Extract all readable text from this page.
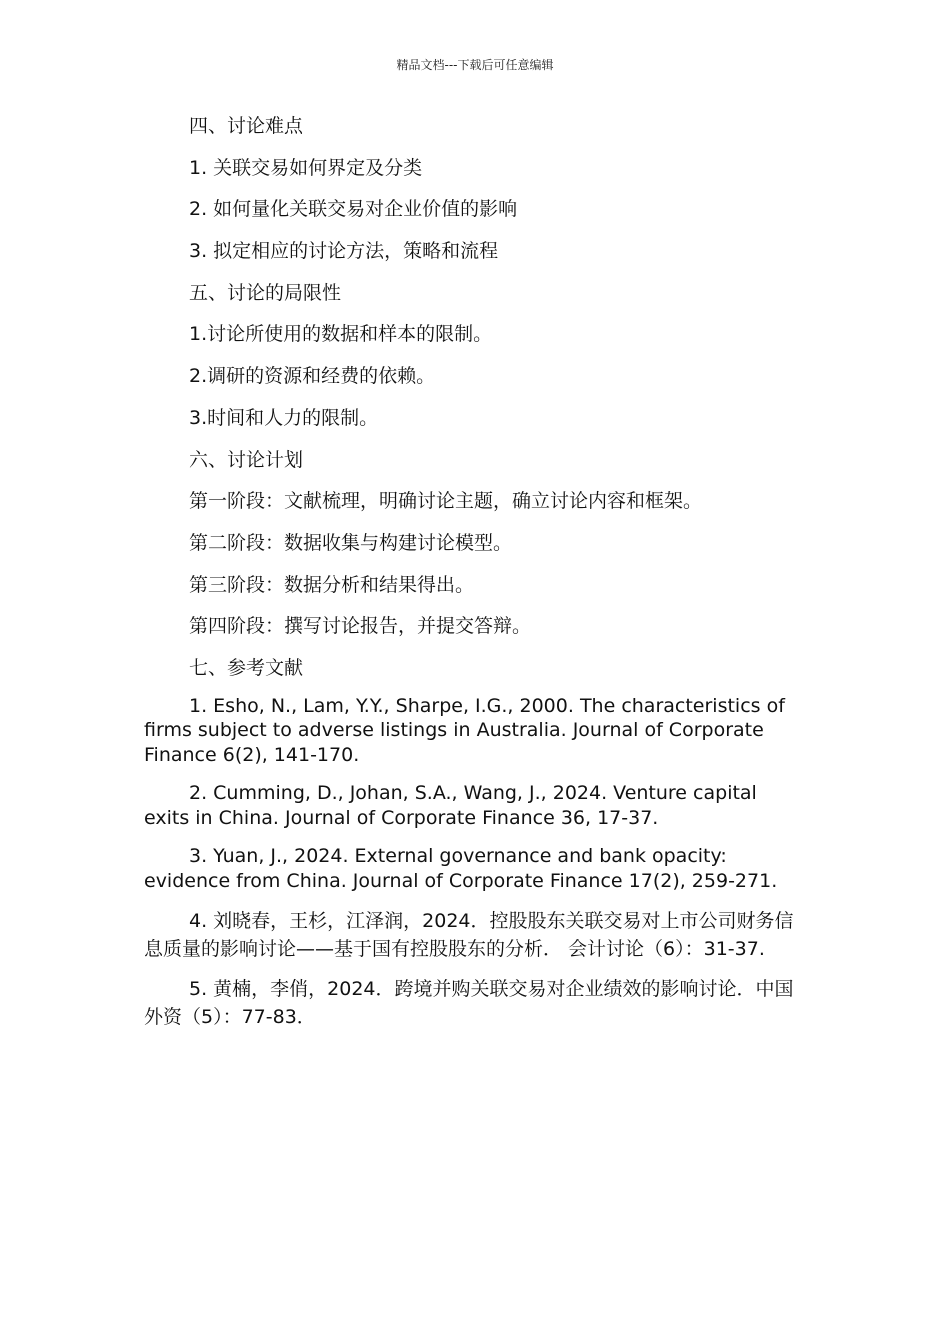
精品文档---下载后可任意编辑
四、讨论难点
1. 关联交易如何界定及分类
2. 如何量化关联交易对企业价值的影响
3. 拟定相应的讨论方法，策略和流程
五、讨论的局限性
1.讨论所使用的数据和样本的限制。
2.调研的资源和经费的依赖。
3.时间和人力的限制。
六、讨论计划
第一阶段：文献梳理，明确讨论主题，确立讨论内容和框架。
第二阶段：数据收集与构建讨论模型。
第三阶段：数据分析和结果得出。
第四阶段：撰写讨论报告，并提交答辩。
七、参考文献

1. Esho, N., Lam, Y.Y., Sharpe, I.G., 2000. The characteristics of firms subject to adverse listings in Australia. Journal of Corporate Finance 6(2), 141-170.

2. Cumming, D., Johan, S.A., Wang, J., 2024. Venture capital exits in China. Journal of Corporate Finance 36, 17-37.

3. Yuan, J., 2024. External governance and bank opacity: evidence from China. Journal of Corporate Finance 17(2), 259-271.

4. 刘晓春，王杉，江泽润，2024．控股股东关联交易对上市公司财务信息质量的影响讨论——基于国有控股股东的分析． 会计讨论（6）：31-37.

5. 黄楠，李俏，2024．跨境并购关联交易对企业绩效的影响讨论．中国外资（5）：77-83．
